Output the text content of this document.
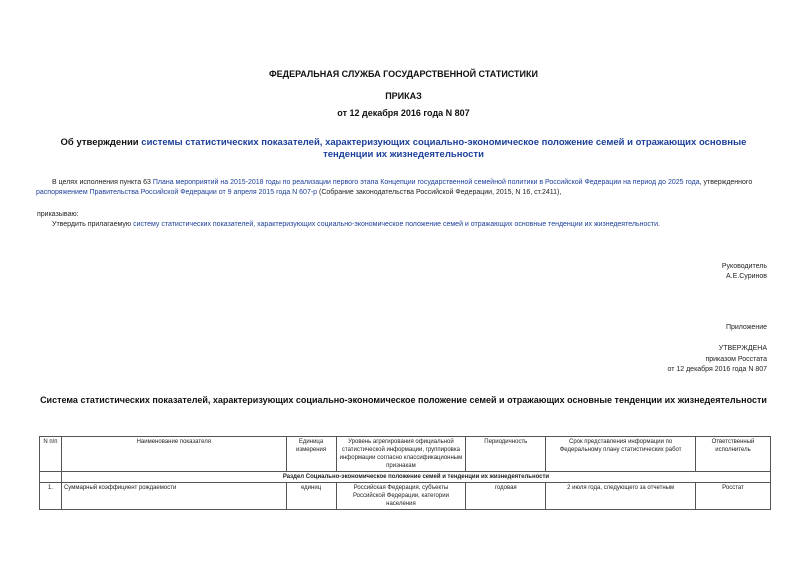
ФЕДЕРАЛЬНАЯ СЛУЖБА ГОСУДАРСТВЕННОЙ СТАТИСТИКИ
ПРИКАЗ
от 12 декабря 2016 года N 807
Об утверждении системы статистических показателей, характеризующих социально-экономическое положение семей и отражающих основные тенденции их жизнедеятельности
В целях исполнения пункта 63 Плана мероприятий на 2015-2018 годы по реализации первого этапа Концепции государственной семейной политики в Российской Федерации на период до 2025 года, утвержденного
распоряжением Правительства Российской Федерации от 9 апреля 2015 года N 607-р (Собрание законодательства Российской Федерации, 2015, N 16, ст.2411),
приказываю:
Утвердить прилагаемую систему статистических показателей, характеризующих социально-экономическое положение семей и отражающих основные тенденции их жизнедеятельности.
Руководитель
А.Е.Суринов
Приложение
УТВЕРЖДЕНА
приказом Росстата
от 12 декабря 2016 года N 807
Система статистических показателей, характеризующих социально-экономическое положение семей и отражающих основные тенденции их жизнедеятельности
N п/п	Наименование показателя	Единица измерения	Уровень агрегирования официальной статистической информации, группировка информации согласно классификационным признакам	Периодичность	Срок представления информации по Федеральному плану статистических работ	Ответственный исполнитель
	Раздел Социально-экономическое положение семей и тенденции их жизнедеятельности					
1.	Суммарный коэффициент рождаемости	единиц	Российская Федерация, субъекты Российской Федерации, категории населения	годовая	2 июля года, следующего за отчетным	Росстат
